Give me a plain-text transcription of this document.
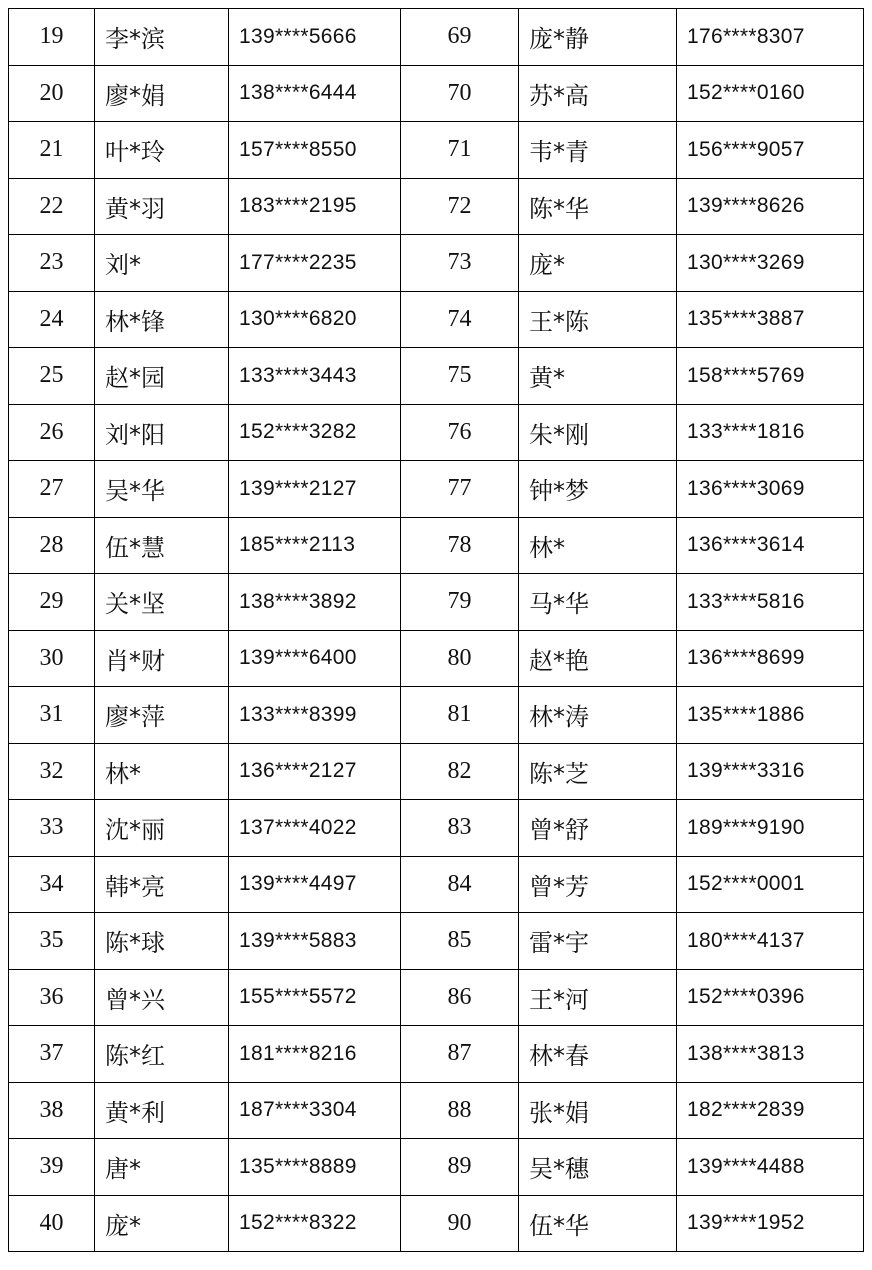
19	李*滨	139****5666	69	庞*静	176****8307
20	廖*娟	138****6444	70	苏*高	152****0160
21	叶*玲	157****8550	71	韦*青	156****9057
22	黄*羽	183****2195	72	陈*华	139****8626
23	刘*	177****2235	73	庞*	130****3269
24	林*锋	130****6820	74	王*陈	135****3887
25	赵*园	133****3443	75	黄*	158****5769
26	刘*阳	152****3282	76	朱*刚	133****1816
27	吴*华	139****2127	77	钟*梦	136****3069
28	伍*慧	185****2113	78	林*	136****3614
29	关*坚	138****3892	79	马*华	133****5816
30	肖*财	139****6400	80	赵*艳	136****8699
31	廖*萍	133****8399	81	林*涛	135****1886
32	林*	136****2127	82	陈*芝	139****3316
33	沈*丽	137****4022	83	曾*舒	189****9190
34	韩*亮	139****4497	84	曾*芳	152****0001
35	陈*球	139****5883	85	雷*宇	180****4137
36	曾*兴	155****5572	86	王*河	152****0396
37	陈*红	181****8216	87	林*春	138****3813
38	黄*利	187****3304	88	张*娟	182****2839
39	唐*	135****8889	89	吴*穗	139****4488
40	庞*	152****8322	90	伍*华	139****1952
